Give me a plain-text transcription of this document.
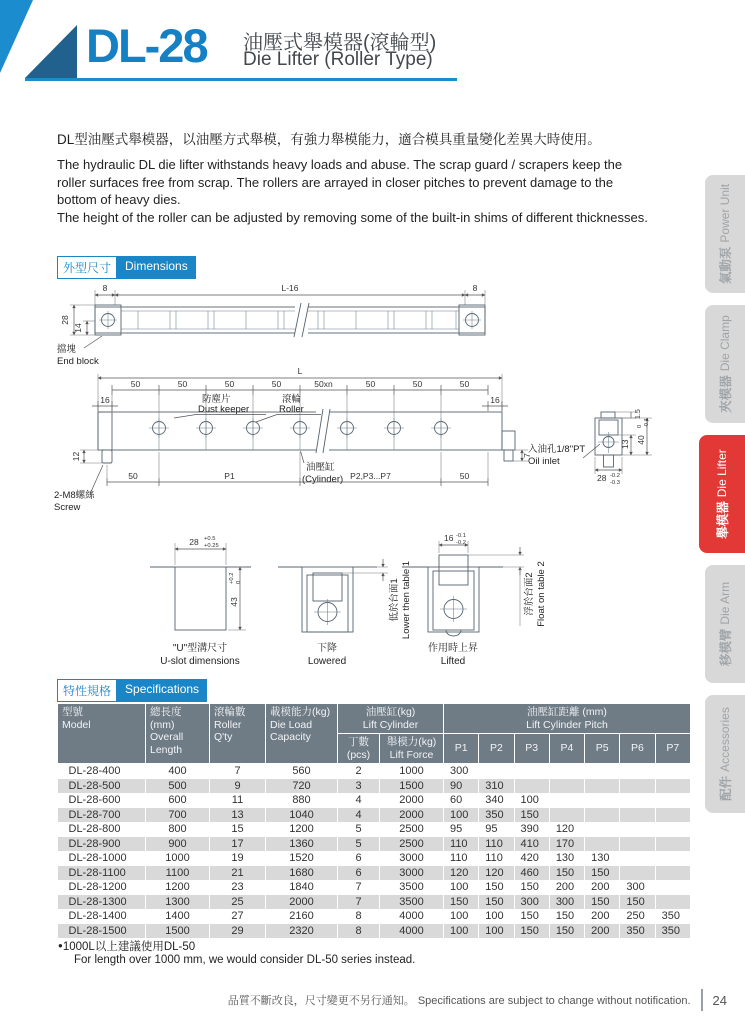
DL-28 油壓式舉模器(滾輪型)
Die Lifter (Roller Type)
DL型油壓式舉模器，以油壓方式舉模，有強力舉模能力，適合模具重量變化差異大時使用。
The hydraulic DL die lifter withstands heavy loads and abuse. The scrap guard / scrapers keep the
roller surfaces free from scrap. The rollers are arrayed in closer pitches to prevent damage to the
bottom of heavy dies.
The height of the roller can be adjusted by removing some of the built-in shims of different thicknesses.
氣動泵
Power Unit
夾模器
Die Clamp
舉模器
Die Lifter
移模臂
Die Arm
配件
Accessories
外型尺寸	Dimensions
8	L-16	8
28
14
擋塊
End block
L
50	50	50	50	50xn	50	50	50
16	16
防塵片
Dust keeper
滾輪
Roller
12	7
油壓缸
(Cylinder)
50	P1	P2,P3...P7	50
2-M8螺絲
Screw
1.5
13 40
0 -0.1
28 -0.2
-0.3
入油孔1/8"PT
Oil inlet
28 +0.5
+0.25
43
+0.2 0
"U"型溝尺寸
U-slot dimensions
低於台面1 Lower then table 1
下降
Lowered
16 -0.1
-0.2
浮於台面2 Float on table 2
作用時上昇
Lifted
特性規格	Specifications
型號
Model

總長度(mm)
Overall Length

滾輪數
Roller Q'ty

載模能力(kg)
Die Load Capacity

油壓缸(kg)
Lift Cylinder

油壓缸距離 (mm)
Lift Cylinder Pitch

丁數
(pcs)

舉模力(kg)
Lift Force
	P1	P2	P3	P4	P5	P6	P7
DL-28-400	400	7	560	2	1000	300						
DL-28-500	500	9	720	3	1500	90	310					
DL-28-600	600	11	880	4	2000	60	340	100				
DL-28-700	700	13	1040	4	2000	100	350	150				
DL-28-800	800	15	1200	5	2500	95	95	390	120			
DL-28-900	900	17	1360	5	2500	110	110	410	170			
DL-28-1000	1000	19	1520	6	3000	110	110	420	130	130		
DL-28-1100	1100	21	1680	6	3000	120	120	460	150	150		
DL-28-1200	1200	23	1840	7	3500	100	150	150	200	200	300	
DL-28-1300	1300	25	2000	7	3500	150	150	300	300	150	150	
DL-28-1400	1400	27	2160	8	4000	100	100	150	150	200	250	350
DL-28-1500	1500	29	2320	8	4000	100	100	150	150	200	350	350
●1000L以上建議使用DL-50
For length over 1000 mm, we would consider DL-50 series instead.
品質不斷改良，尺寸變更不另行通知。 Specifications are subject to change without notification. 24
